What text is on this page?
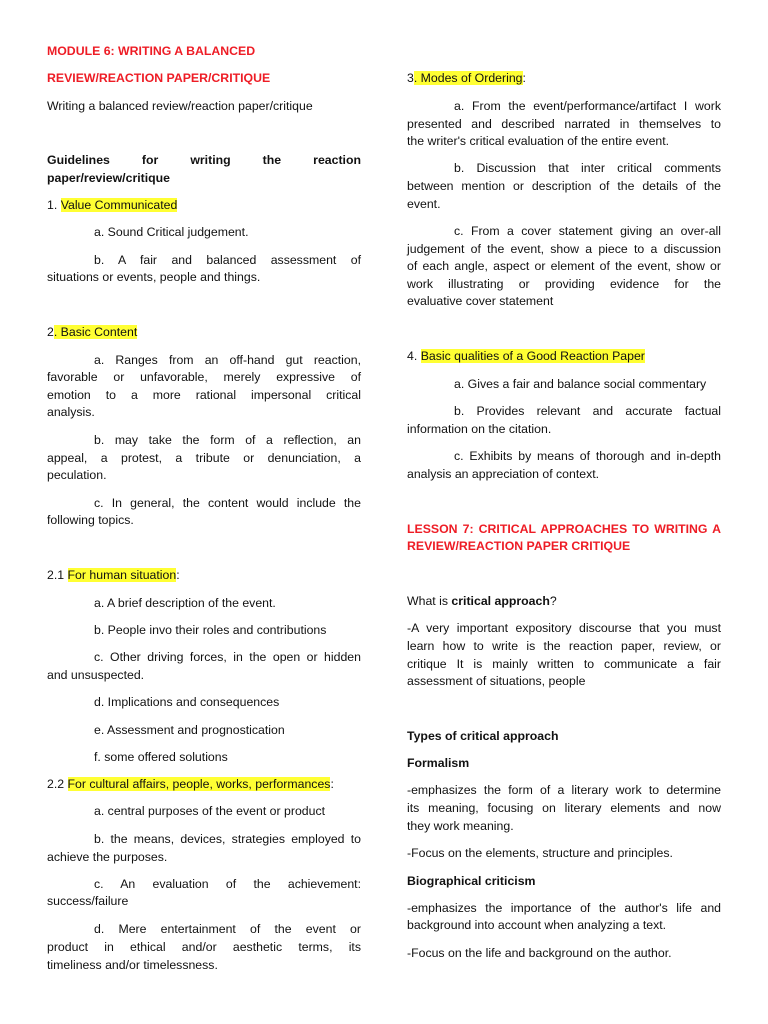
MODULE 6: WRITING A BALANCED
REVIEW/REACTION PAPER/CRITIQUE
Writing a balanced review/reaction paper/critique
Guidelines for writing the reaction
paper/review/critique
1. Value Communicated
a. Sound Critical judgement.
b. A fair and balanced assessment of
situations or events, people and things.
2. Basic Content
a. Ranges from an off-hand gut reaction,
favorable or unfavorable, merely expressive of
emotion to a more rational impersonal critical
analysis.
b. may take the form of a reflection, an
appeal, a protest, a tribute or denunciation, a
peculation.
c. In general, the content would include the
following topics.
2.1 For human situation:
a. A brief description of the event.
b. People invo their roles and contributions
c. Other driving forces, in the open or hidden
and unsuspected.
d. Implications and consequences
e. Assessment and prognostication
f. some offered solutions
2.2 For cultural affairs, people, works, performances:
a. central purposes of the event or product
b. the means, devices, strategies employed to
achieve the purposes.
c. An evaluation of the achievement:
success/failure
d. Mere entertainment of the event or
product in ethical and/or aesthetic terms, its
timeliness and/or timelessness.
3. Modes of Ordering:
a. From the event/performance/artifact I work
presented and described narrated in themselves to
the writer's critical evaluation of the entire event.
b. Discussion that inter critical comments
between mention or description of the details of the
event.
c. From a cover statement giving an over-all
judgement of the event, show a piece to a discussion
of each angle, aspect or element of the event, show or
work illustrating or providing evidence for the
evaluative cover statement
4. Basic qualities of a Good Reaction Paper
a. Gives a fair and balance social commentary
b. Provides relevant and accurate factual
information on the citation.
c. Exhibits by means of thorough and in-depth
analysis an appreciation of context.
LESSON 7: CRITICAL APPROACHES TO WRITING A
REVIEW/REACTION PAPER CRITIQUE
What is critical approach?
-A very important expository discourse that you must
learn how to write is the reaction paper, review, or
critique It is mainly written to communicate a fair
assessment of situations, people
Types of critical approach
Formalism
-emphasizes the form of a literary work to determine
its meaning, focusing on literary elements and now
they work meaning.
-Focus on the elements, structure and principles.
Biographical criticism
-emphasizes the importance of the author's life and
background into account when analyzing a text.
-Focus on the life and background on the author.
